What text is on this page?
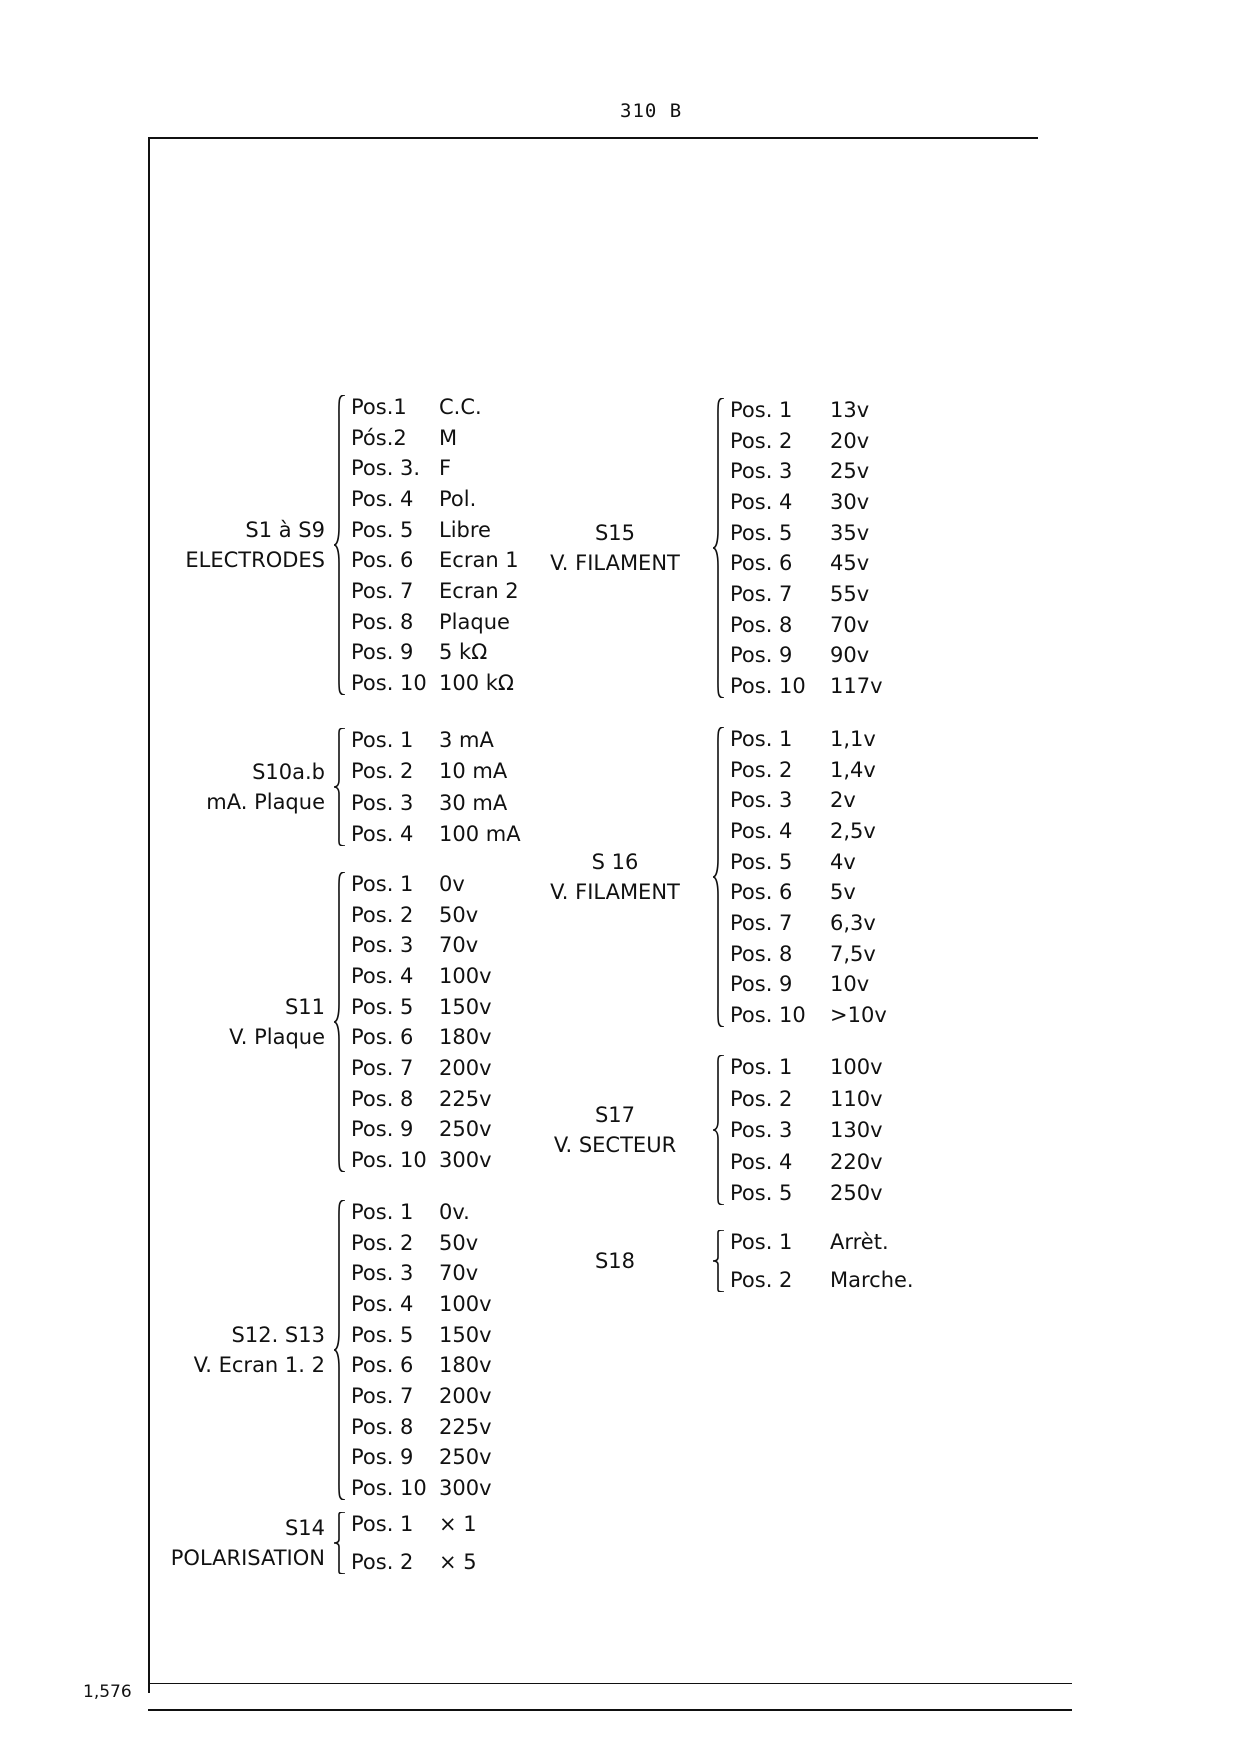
310 B
1,576
S1 à S9
ELECTRODES
Pos.1	C.C.
Pós.2	M
Pos. 3. F
Pos. 4	Pol.
Pos. 5	Libre
Pos. 6	Ecran 1
Pos. 7	Ecran 2
Pos. 8	Plaque
Pos. 9	5 kΩ
Pos. 10 100 kΩ
S10a.b
mA. Plaque
Pos. 1	3 mA
Pos. 2	10 mA
Pos. 3	30 mA
Pos. 4	100 mA
S11
V. Plaque
Pos. 1	0v
Pos. 2	50v
Pos. 3	70v
Pos. 4	100v
Pos. 5	150v
Pos. 6	180v
Pos. 7	200v
Pos. 8	225v
Pos. 9	250v
Pos. 10 300v
S12. S13
V. Ecran 1. 2
Pos. 1	0v.
Pos. 2	50v
Pos. 3	70v
Pos. 4	100v
Pos. 5	150v
Pos. 6	180v
Pos. 7	200v
Pos. 8	225v
Pos. 9	250v
Pos. 10 300v
S14
POLARISATION
Pos. 1	× 1
Pos. 2	× 5
S15
V. FILAMENT
Pos. 1	13v
Pos. 2	20v
Pos. 3	25v
Pos. 4	30v
Pos. 5	35v
Pos. 6	45v
Pos. 7	55v
Pos. 8	70v
Pos. 9	90v
Pos. 10	117v
S 16
V. FILAMENT
Pos. 1	1,1v
Pos. 2	1,4v
Pos. 3	2v
Pos. 4	2,5v
Pos. 5	4v
Pos. 6	5v
Pos. 7	6,3v
Pos. 8	7,5v
Pos. 9	10v
Pos. 10	>10v
S17
V. SECTEUR
Pos. 1	100v
Pos. 2	110v
Pos. 3	130v
Pos. 4	220v
Pos. 5	250v
S18
Pos. 1	Arrèt.
Pos. 2	Marche.
